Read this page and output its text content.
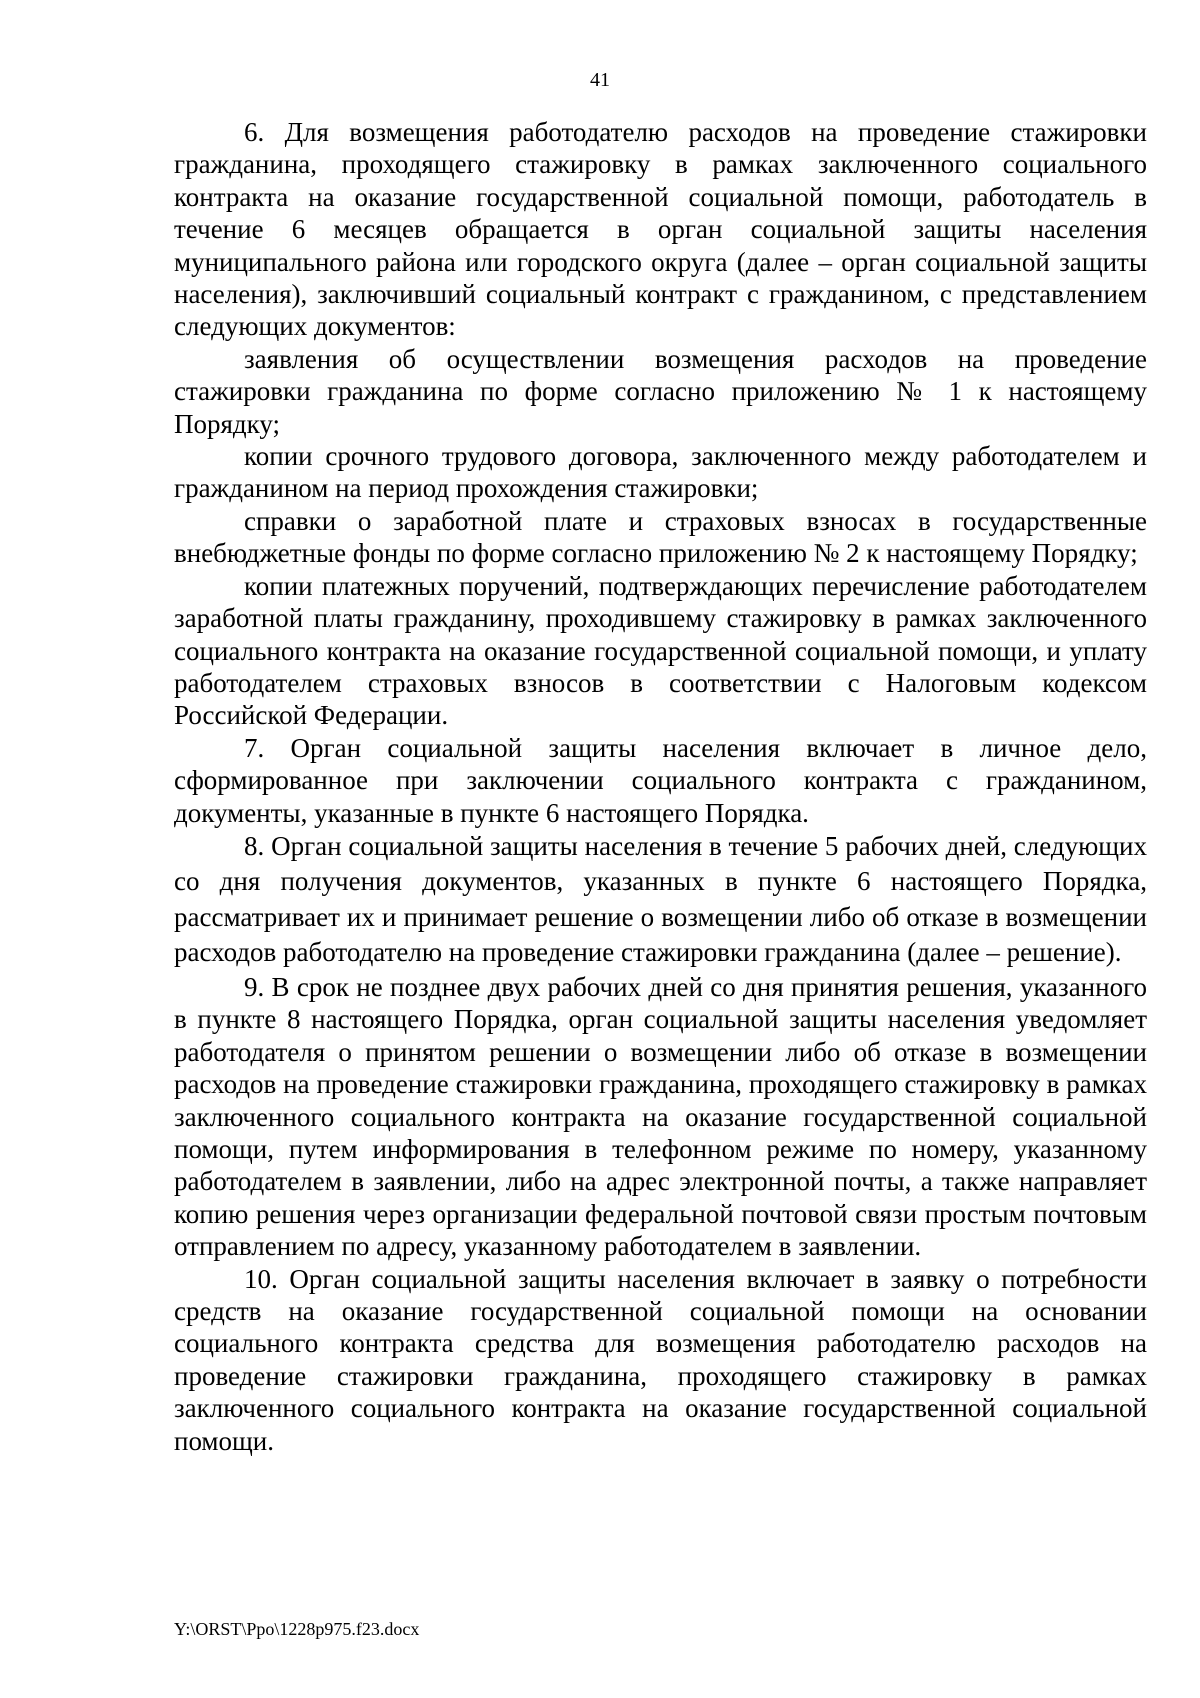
41

6. Для возмещения работодателю расходов на проведение стажировки гражданина, проходящего стажировку в рамках заключенного социального контракта на оказание государственной социальной помощи, работодатель в течение 6 месяцев обращается в орган социальной защиты населения муниципального района или городского округа (далее – орган социальной защиты населения), заключивший социальный контракт с гражданином, с представлением следующих документов:

заявления об осуществлении возмещения расходов на проведение стажировки гражданина по форме согласно приложению № 1 к настоящему Порядку;

копии срочного трудового договора, заключенного между работодателем и гражданином на период прохождения стажировки;

справки о заработной плате и страховых взносах в государственные внебюджетные фонды по форме согласно приложению № 2 к настоящему Порядку;

копии платежных поручений, подтверждающих перечисление работодателем заработной платы гражданину, проходившему стажировку в рамках заключенного социального контракта на оказание государственной социальной помощи, и уплату работодателем страховых взносов в соответствии с Налоговым кодексом Российской Федерации.

7. Орган социальной защиты населения включает в личное дело, сформированное при заключении социального контракта с гражданином, документы, указанные в пункте 6 настоящего Порядка.

8. Орган социальной защиты населения в течение 5 рабочих дней, следующих со дня получения документов, указанных в пункте 6 настоящего Порядка, рассматривает их и принимает решение о возмещении либо об отказе в возмещении расходов работодателю на проведение стажировки гражданина (далее – решение).

9. В срок не позднее двух рабочих дней со дня принятия решения, указанного в пункте 8 настоящего Порядка, орган социальной защиты населения уведомляет работодателя о принятом решении о возмещении либо об отказе в возмещении расходов на проведение стажировки гражданина, проходящего стажировку в рамках заключенного социального контракта на оказание государственной социальной помощи, путем информирования в телефонном режиме по номеру, указанному работодателем в заявлении, либо на адрес электронной почты, а также направляет копию решения через организации федеральной почтовой связи простым почтовым отправлением по адресу, указанному работодателем в заявлении.

10. Орган социальной защиты населения включает в заявку о потребности средств на оказание государственной социальной помощи на основании социального контракта средства для возмещения работодателю расходов на проведение стажировки гражданина, проходящего стажировку в рамках заключенного социального контракта на оказание государственной социальной помощи.

Y:\ORST\Ppo\1228p975.f23.docx
